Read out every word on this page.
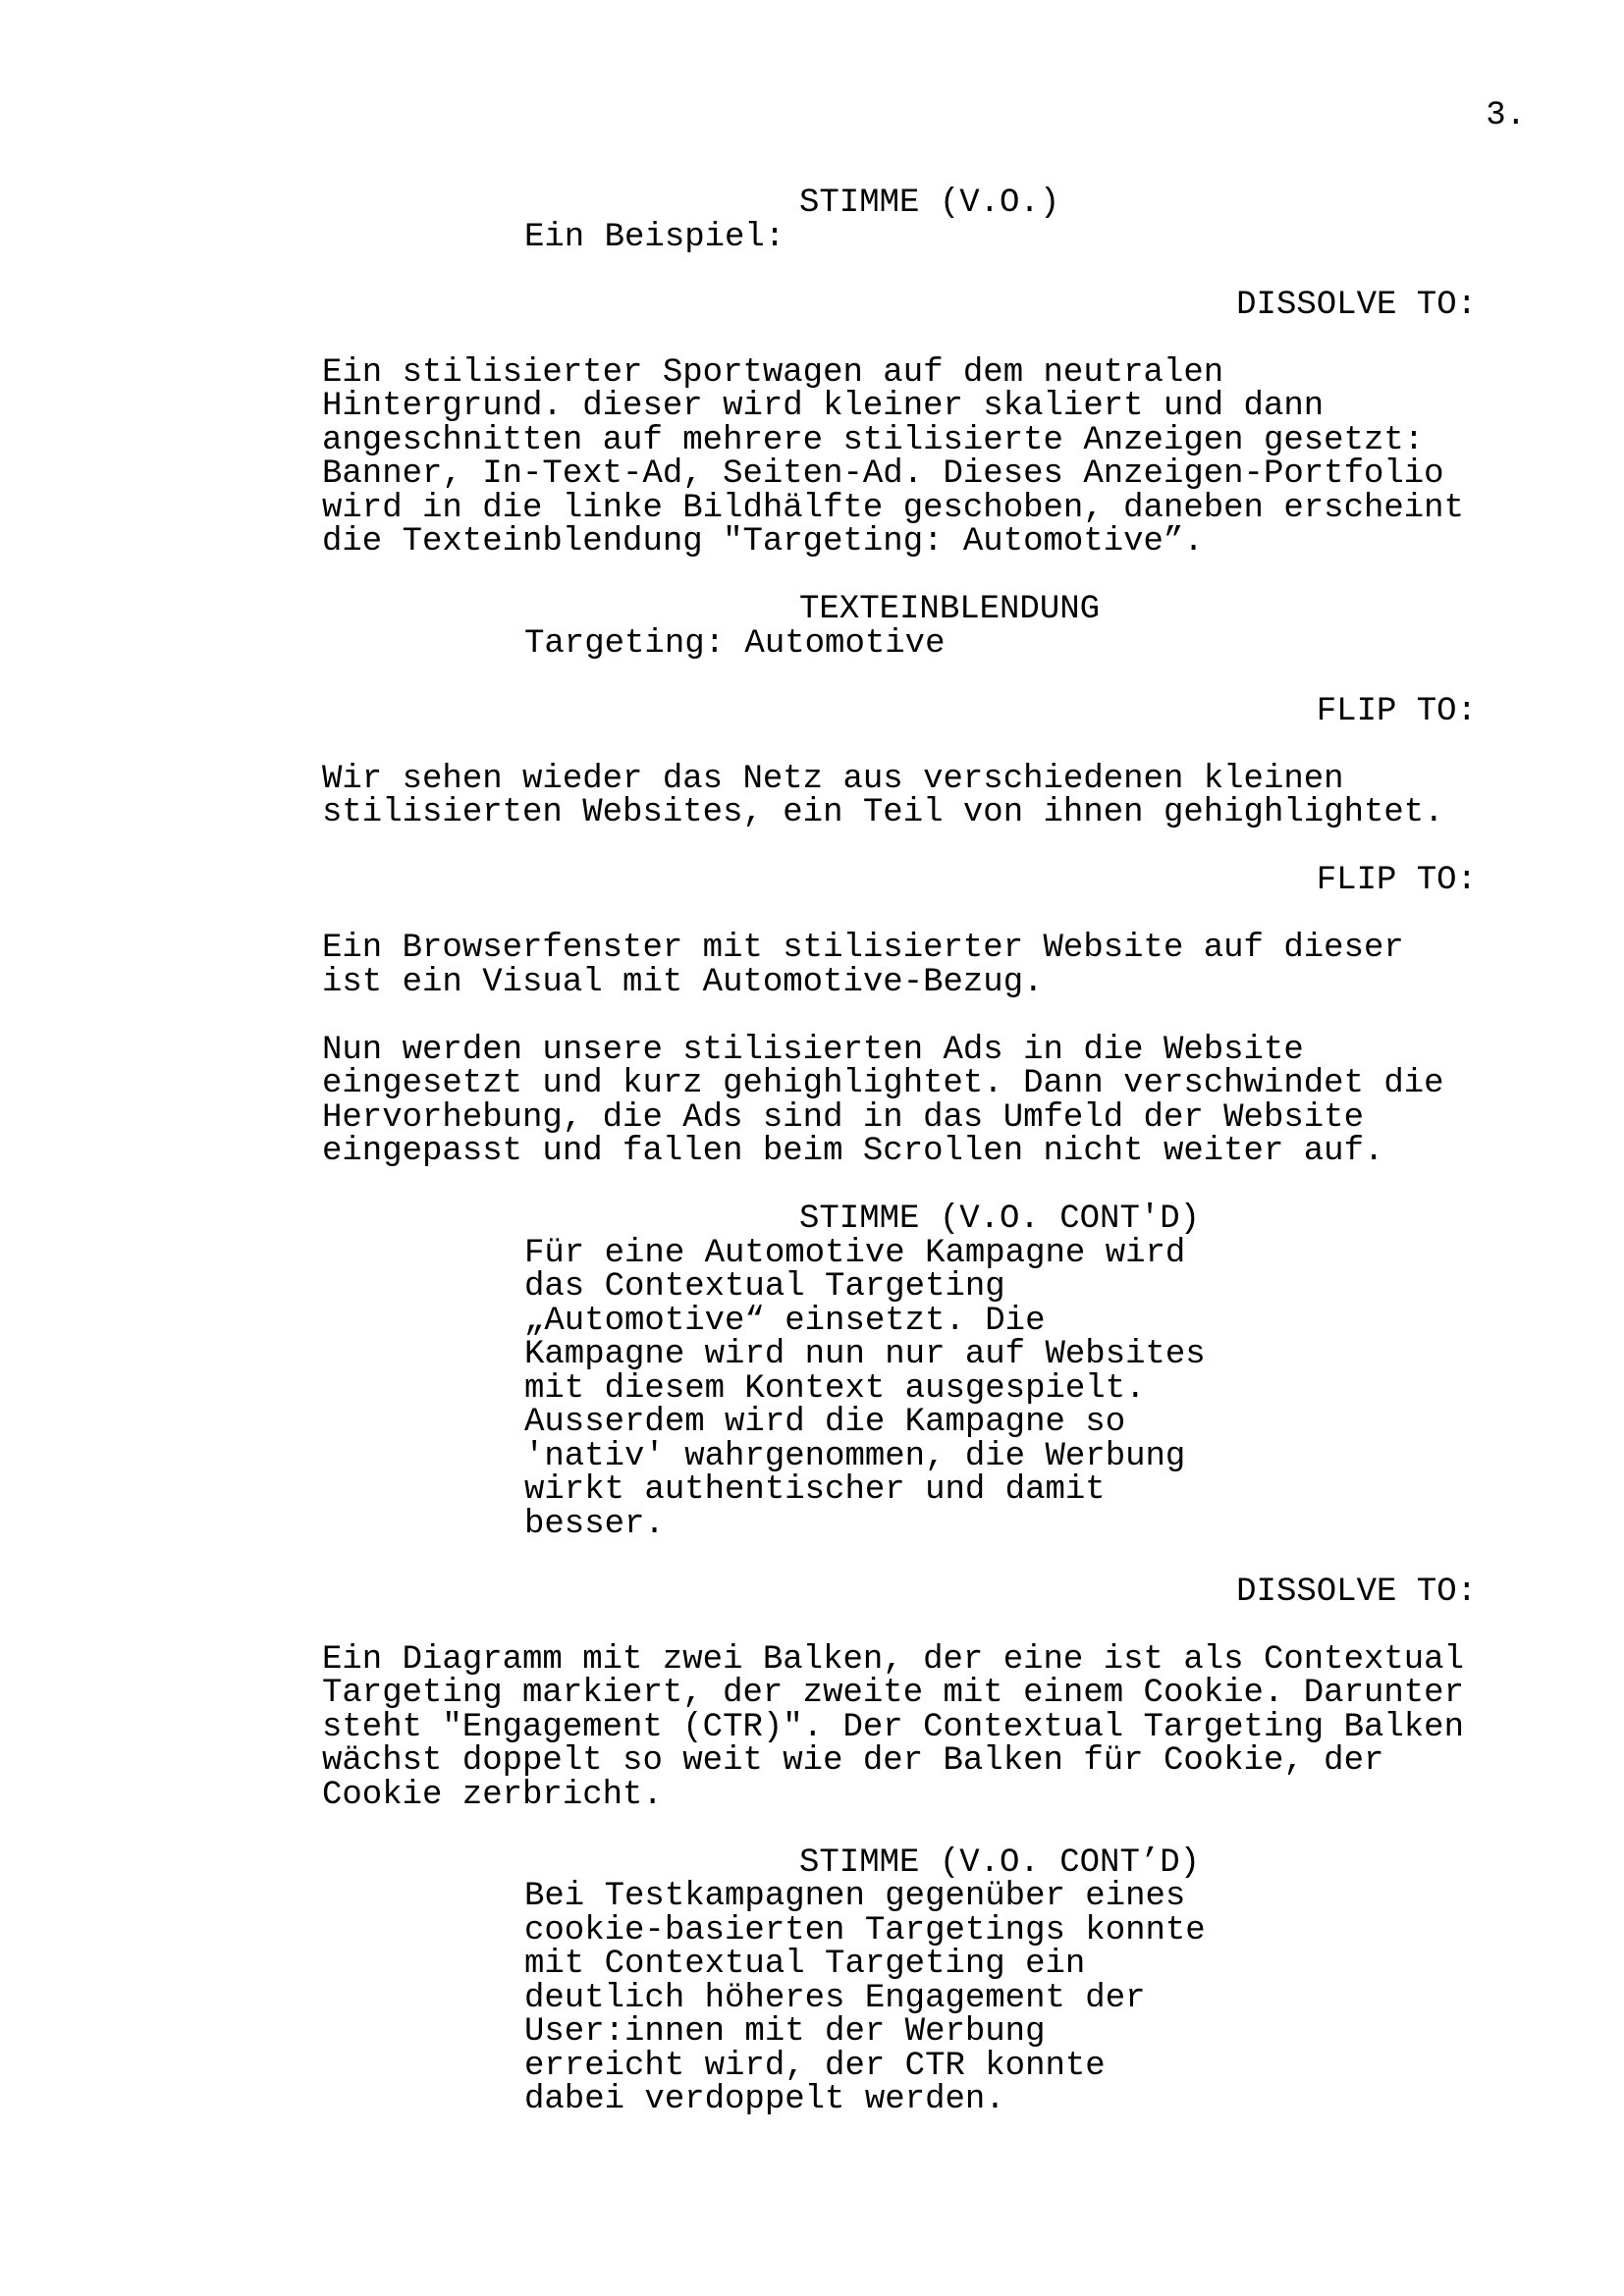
3.
STIMME (V.O.)
Ein Beispiel:
DISSOLVE TO:
Ein stilisierter Sportwagen auf dem neutralen
Hintergrund. dieser wird kleiner skaliert und dann
angeschnitten auf mehrere stilisierte Anzeigen gesetzt:
Banner, In-Text-Ad, Seiten-Ad. Dieses Anzeigen-Portfolio
wird in die linke Bildhälfte geschoben, daneben erscheint
die Texteinblendung "Targeting: Automotive”.
TEXTEINBLENDUNG
Targeting: Automotive
FLIP TO:
Wir sehen wieder das Netz aus verschiedenen kleinen
stilisierten Websites, ein Teil von ihnen gehighlightet.
FLIP TO:
Ein Browserfenster mit stilisierter Website auf dieser
ist ein Visual mit Automotive-Bezug.
Nun werden unsere stilisierten Ads in die Website
eingesetzt und kurz gehighlightet. Dann verschwindet die
Hervorhebung, die Ads sind in das Umfeld der Website
eingepasst und fallen beim Scrollen nicht weiter auf.
STIMME (V.O. CONT'D)
Für eine Automotive Kampagne wird
das Contextual Targeting
„Automotive“ einsetzt. Die
Kampagne wird nun nur auf Websites
mit diesem Kontext ausgespielt.
Ausserdem wird die Kampagne so
'nativ' wahrgenommen, die Werbung
wirkt authentischer und damit
besser.
DISSOLVE TO:
Ein Diagramm mit zwei Balken, der eine ist als Contextual
Targeting markiert, der zweite mit einem Cookie. Darunter
steht "Engagement (CTR)". Der Contextual Targeting Balken
wächst doppelt so weit wie der Balken für Cookie, der
Cookie zerbricht.
STIMME (V.O. CONT’D)
Bei Testkampagnen gegenüber eines
cookie-basierten Targetings konnte
mit Contextual Targeting ein
deutlich höheres Engagement der
User:innen mit der Werbung
erreicht wird, der CTR konnte
dabei verdoppelt werden.
